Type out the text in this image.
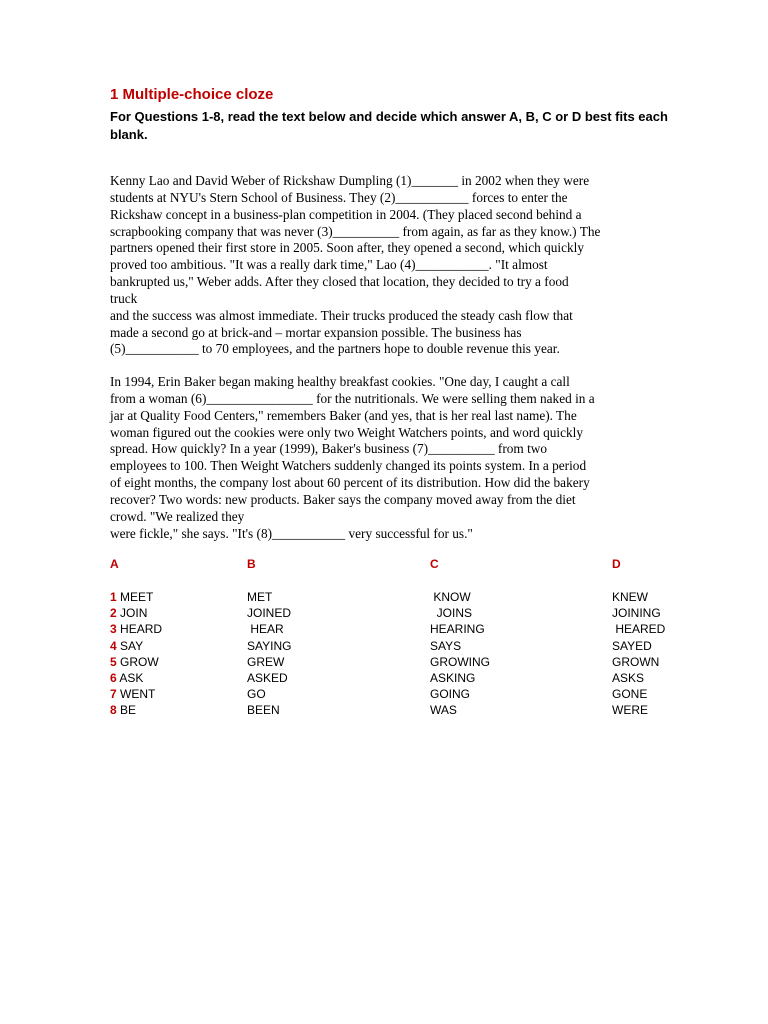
1 Multiple-choice cloze

For Questions 1-8, read the text below and decide which answer A, B, C or D best fits each blank.

Kenny Lao and David Weber of Rickshaw Dumpling (1)_______ in 2002 when they were
students at NYU's Stern School of Business. They (2)___________ forces to enter the
Rickshaw concept in a business-plan competition in 2004. (They placed second behind a
scrapbooking company that was never (3)__________ from again, as far as they know.) The
partners opened their first store in 2005. Soon after, they opened a second, which quickly
proved too ambitious. "It was a really dark time," Lao (4)___________. "It almost
bankrupted us," Weber adds. After they closed that location, they decided to try a food
truck
and the success was almost immediate. Their trucks produced the steady cash flow that
made a second go at brick-and – mortar expansion possible. The business has
(5)___________ to 70 employees, and the partners hope to double revenue this year.
In 1994, Erin Baker began making healthy breakfast cookies. "One day, I caught a call
from a woman (6)________________ for the nutritionals. We were selling them naked in a
jar at Quality Food Centers," remembers Baker (and yes, that is her real last name). The
woman figured out the cookies were only two Weight Watchers points, and word quickly
spread. How quickly? In a year (1999), Baker's business (7)__________ from two
employees to 100. Then Weight Watchers suddenly changed its points system. In a period
of eight months, the company lost about 60 percent of its distribution. How did the bakery
recover? Two words: new products. Baker says the company moved away from the diet
crowd. "We realized they
were fickle," she says. "It's (8)___________ very successful for us."
A	B	C	D
1 MEET	MET	KNOW	KNEW
2 JOIN	JOINED	JOINS	JOINING
3 HEARD	HEAR	HEARING	HEARED
4 SAY	SAYING	SAYS	SAYED
5 GROW	GREW	GROWING	GROWN
6 ASK	ASKED	ASKING	ASKS
7 WENT	GO	GOING	GONE
8 BE	BEEN	WAS	WERE
